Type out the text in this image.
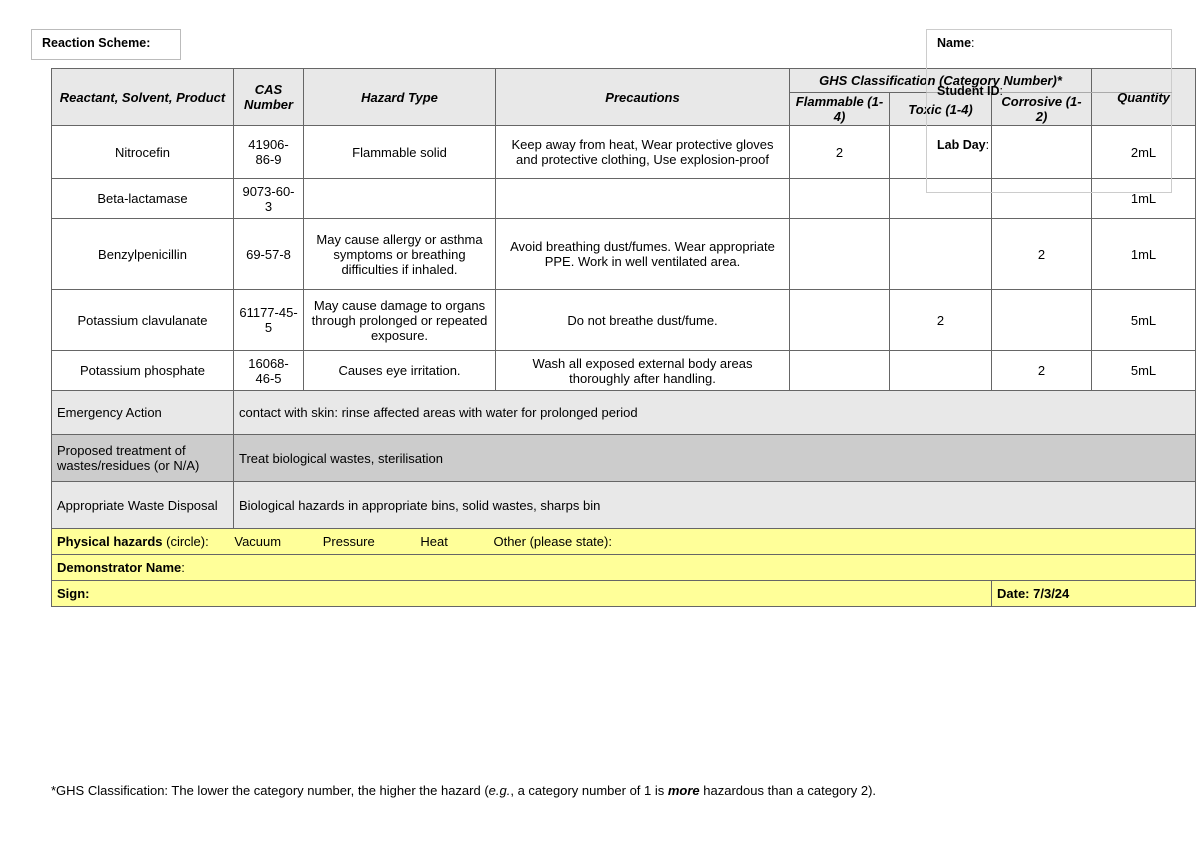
Reaction Scheme:
Reactant, Solvent, Product	CAS Number	Hazard Type	Precautions	GHS Classification (Category Number)*			Quantity
				Flammable (1-4)	Toxic (1-4)	Corrosive (1-2)	
Nitrocefin	41906-86-9	Flammable solid	Keep away from heat, Wear protective gloves and protective clothing, Use explosion-proof	2			2mL
Beta-lactamase	9073-60-3						1mL
Benzylpenicillin	69-57-8	May cause allergy or asthma symptoms or breathing difficulties if inhaled.	Avoid breathing dust/fumes. Wear appropriate PPE. Work in well ventilated area.			2	1mL
Potassium clavulanate	61177-45-5	May cause damage to organs through prolonged or repeated exposure.	Do not breathe dust/fume.		2		5mL
Potassium phosphate	16068-46-5	Causes eye irritation.	Wash all exposed external body areas thoroughly after handling.			2	5mL
Emergency Action	contact with skin: rinse affected areas with water for prolonged period						
Proposed treatment of wastes/residues (or N/A)	Treat biological wastes, sterilisation						
Appropriate Waste Disposal	Biological hazards in appropriate bins, solid wastes, sharps bin						
Physical hazards (circle): Vacuum Pressure Heat Other (please state):							
Demonstrator Name:							
Sign:						Date: 7/3/24	
Name:
Student ID:
Lab Day:
*GHS Classification: The lower the category number, the higher the hazard (e.g., a category number of 1 is more hazardous than a category 2).
